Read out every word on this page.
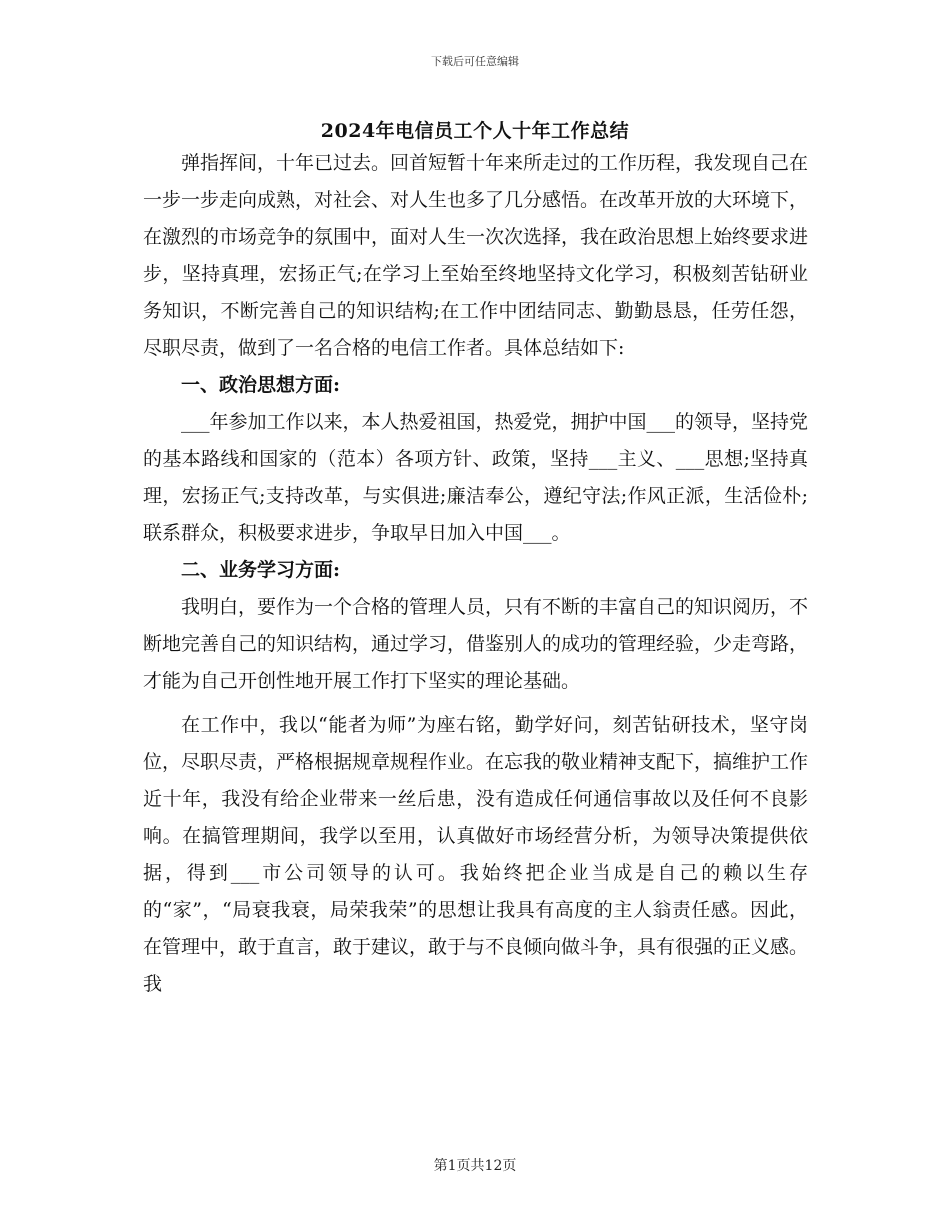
下载后可任意编辑
2024年电信员工个人十年工作总结

弹指挥间，十年已过去。回首短暂十年来所走过的工作历程，我发现自己在一步一步走向成熟，对社会、对人生也多了几分感悟。在改革开放的大环境下，在激烈的市场竞争的氛围中，面对人生一次次选择，我在政治思想上始终要求进步，坚持真理，宏扬正气;在学习上至始至终地坚持文化学习，积极刻苦钻研业务知识，不断完善自己的知识结构;在工作中团结同志、勤勤恳恳，任劳任怨，尽职尽责，做到了一名合格的电信工作者。具体总结如下:

一、政治思想方面:

___年参加工作以来，本人热爱祖国，热爱党，拥护中国___的领导，坚持党的基本路线和国家的（范本）各项方针、政策，坚持___主义、___思想;坚持真理，宏扬正气;支持改革，与实俱进;廉洁奉公，遵纪守法;作风正派，生活俭朴;联系群众，积极要求进步，争取早日加入中国___。

二、业务学习方面:

我明白，要作为一个合格的管理人员，只有不断的丰富自己的知识阅历，不断地完善自己的知识结构，通过学习，借鉴别人的成功的管理经验，少走弯路，才能为自己开创性地开展工作打下坚实的理论基础。

在工作中，我以“能者为师”为座右铭，勤学好问，刻苦钻研技术，坚守岗位，尽职尽责，严格根据规章规程作业。在忘我的敬业精神支配下，搞维护工作近十年，我没有给企业带来一丝后患，没有造成任何通信事故以及任何不良影响。在搞管理期间，我学以至用，认真做好市场经营分析，为领导决策提供依据，得到___市公司领导的认可。我始终把企业当成是自己的赖以生存的“家”，“局衰我衰，局荣我荣”的思想让我具有高度的主人翁责任感。因此，在管理中，敢于直言，敢于建议，敢于与不良倾向做斗争，具有很强的正义感。我

第1页共12页
